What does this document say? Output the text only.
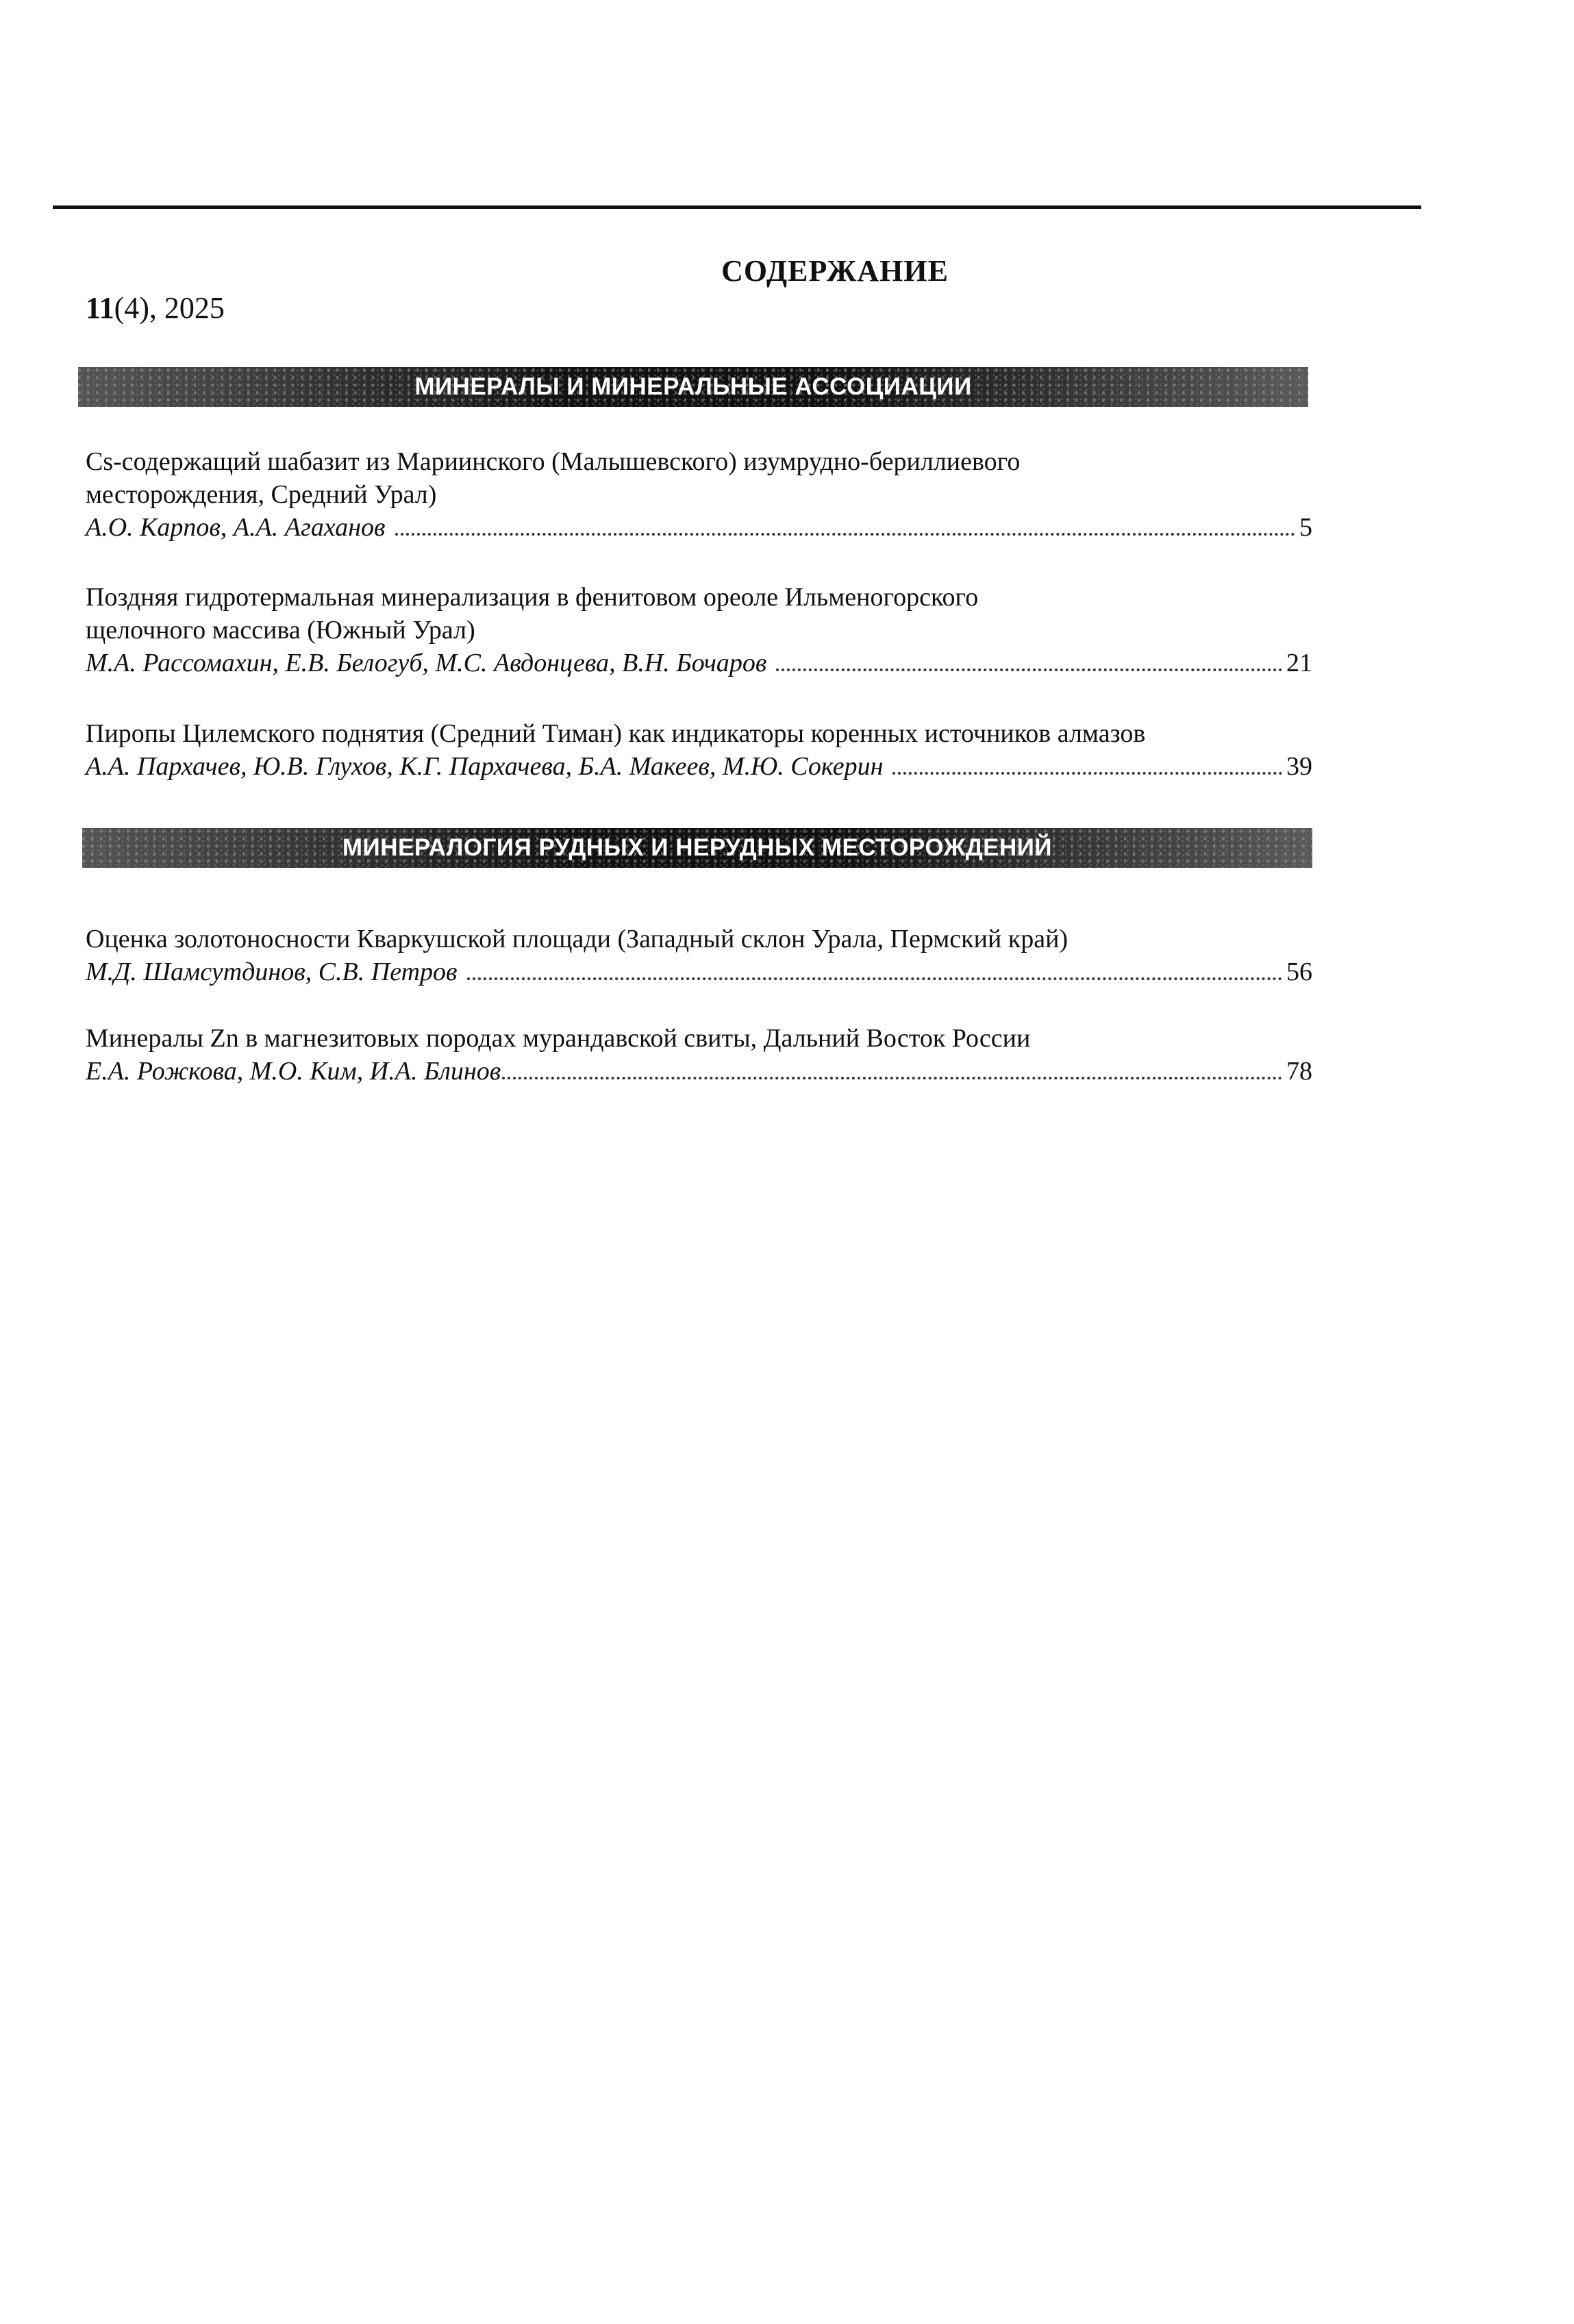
СОДЕРЖАНИЕ
11(4), 2025
МИНЕРАЛЫ И МИНЕРАЛЬНЫЕ АССОЦИАЦИИ
Cs-содержащий шабазит из Мариинского (Малышевского) изумрудно-бериллиевого
месторождения, Средний Урал)
А.О. Карпов, А.А. Агаханов	5
Поздняя гидротермальная минерализация в фенитовом ореоле Ильменогорского
щелочного массива (Южный Урал)
М.А. Рассомахин, Е.В. Белогуб, М.С. Авдонцева, В.Н. Бочаров	21
Пиропы Цилемского поднятия (Средний Тиман) как индикаторы коренных источников алмазов
А.А. Пархачев, Ю.В. Глухов, К.Г. Пархачева, Б.А. Макеев, М.Ю. Сокерин	39
МИНЕРАЛОГИЯ РУДНЫХ И НЕРУДНЫХ МЕСТОРОЖДЕНИЙ
Оценка золотоносности Кваркушской площади (Западный склон Урала, Пермский край)
М.Д. Шамсутдинов, С.В. Петров	56
Минералы Zn в магнезитовых породах мурандавской свиты, Дальний Восток России
Е.А. Рожкова, М.О. Ким, И.А. Блинов	78
